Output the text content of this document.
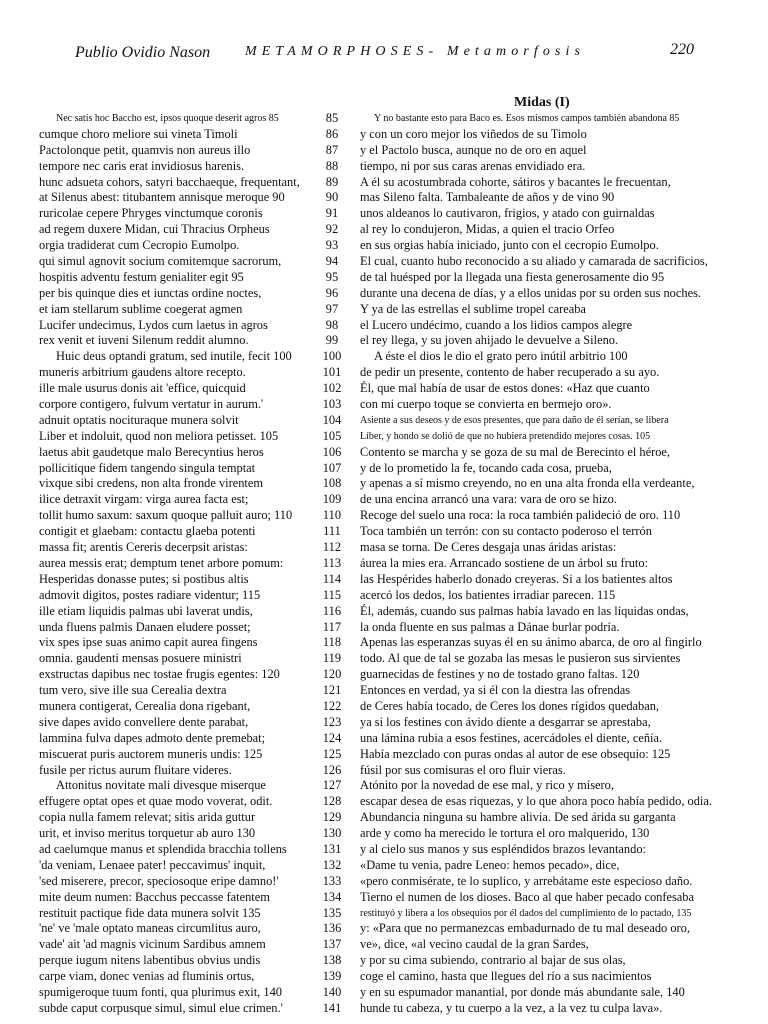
Publio Ovidio Nason METAMORPHOSES- Metamorfosis	220
Midas (I)
Nec satis hoc Baccho est, ipsos quoque deserit agros 85	85	Y no bastante esto para Baco es. Esos mismos campos también abandona 85
cumque choro meliore sui vineta Timoli	86	y con un coro mejor los viñedos de su Timolo
Pactolonque petit, quamvis non aureus illo	87	y el Pactolo busca, aunque no de oro en aquel
tempore nec caris erat invidiosus harenis.	88	tiempo, ni por sus caras arenas envidiado era.
hunc adsueta cohors, satyri bacchaeque, frequentant,	89	A él su acostumbrada cohorte, sátiros y bacantes le frecuentan,
at Silenus abest: titubantem annisque meroque 90	90	mas Sileno falta. Tambaleante de años y de vino 90
ruricolae cepere Phryges vinctumque coronis	91	unos aldeanos lo cautivaron, frigios, y atado con guirnaldas
ad regem duxere Midan, cui Thracius Orpheus	92	al rey lo condujeron, Midas, a quien el tracio Orfeo
orgia tradiderat cum Cecropio Eumolpo.	93	en sus orgias había iniciado, junto con el cecropio Eumolpo.
qui simul agnovit socium comitemque sacrorum,	94	El cual, cuanto hubo reconocido a su aliado y camarada de sacrificios,
hospitis adventu festum genialiter egit 95	95	de tal huésped por la llegada una fiesta generosamente dio 95
per bis quinque dies et iunctas ordine noctes,	96	durante una decena de días, y a ellos unidas por su orden sus noches.
et iam stellarum sublime coegerat agmen	97	Y ya de las estrellas el sublime tropel careaba
Lucifer undecimus, Lydos cum laetus in agros	98	el Lucero undécimo, cuando a los lidios campos alegre
rex venit et iuveni Silenum reddit alumno.	99	el rey llega, y su joven ahijado le devuelve a Sileno.
Huic deus optandi gratum, sed inutile, fecit 100	100	A éste el dios le dio el grato pero inútil arbitrio 100
muneris arbitrium gaudens altore recepto.	101	de pedir un presente, contento de haber recuperado a su ayo.
ille male usurus donis ait 'effice, quicquid	102	Él, que mal había de usar de estos dones: «Haz que cuanto
corpore contigero, fulvum vertatur in aurum.'	103	con mi cuerpo toque se convierta en bermejo oro».
adnuit optatis nociturаque munera solvit	104	Asiente a sus deseos y de esos presentes, que para daño de él serían, se libera
Liber et indoluit, quod non meliora petisset. 105	105	Líber, y hondo se dolió de que no hubiera pretendido mejores cosas. 105
laetus abit gaudetque malo Berecyntius heros	106	Contento se marcha y se goza de su mal de Berecinto el héroe,
pollicitique fidem tangendo singula temptat	107	y de lo prometido la fe, tocando cada cosa, prueba,
vixque sibi credens, non alta fronde virentem	108	y apenas a sí mismo creyendo, no en una alta fronda ella verdeante,
ilice detraxit virgam: virga aurea facta est;	109	de una encina arrancó una vara: vara de oro se hizo.
tollit humo saxum: saxum quoque palluit auro; 110	110	Recoge del suelo una roca: la roca también palideció de oro. 110
contigit et glaebam: contactu glaeba potenti	111	Toca también un terrón: con su contacto poderoso el terrón
massa fit; arentis Cereris decerpsit aristas:	112	masa se torna. De Ceres desgaja unas áridas aristas:
aurea messis erat; demptum tenet arbore pomum:	113	áurea la mies era. Arrancado sostiene de un árbol su fruto:
Hesperidas donasse putes; si postibus altis	114	las Hespérides haberlo donado creyeras. Si a los batientes altos
admovit digitos, postes radiare videntur; 115	115	acercó los dedos, los batientes irradiar parecen. 115
ille etiam liquidis palmas ubi laverat undis,	116	Él, además, cuando sus palmas había lavado en las líquidas ondas,
unda fluens palmis Danaen eludere posset;	117	la onda fluente en sus palmas a Dánae burlar podría.
vix spes ipse suas animo capit aurea fingens	118	Apenas las esperanzas suyas él en su ánimo abarca, de oro al fingirlo
omnia. gaudenti mensas posuere ministri	119	todo. Al que de tal se gozaba las mesas le pusieron sus sirvientes
exstructas dapibus nec tostae frugis egentes: 120	120	guarnecidas de festines y no de tostado grano faltas. 120
tum vero, sive ille sua Cerealia dextra	121	Entonces en verdad, ya si él con la diestra las ofrendas
munera contigerat, Cerealia dona rigebant,	122	de Ceres había tocado, de Ceres los dones rígidos quedaban,
sive dapes avido convellere dente parabat,	123	ya si los festines con ávido diente a desgarrar se aprestaba,
lammina fulva dapes admoto dente premebat;	124	una lámina rubia a esos festines, acercádoles el diente, ceñía.
miscuerat puris auctorem muneris undis: 125	125	Había mezclado con puras ondas al autor de ese obsequio: 125
fusile per rictus aurum fluitare videres.	126	fúsil por sus comisuras el oro fluir vieras.
Attonitus novitate mali divesque miserque	127	Atónito por la novedad de ese mal, y rico y mísero,
effugere optat opes et quae modo voverat, odit.	128	escapar desea de esas riquezas, y lo que ahora poco había pedido, odia.
copia nulla famem relevat; sitis arida guttur	129	Abundancia ninguna su hambre alivia. De sed árida su garganta
urit, et inviso meritus torquetur ab auro 130	130	arde y como ha merecido le tortura el oro malquerido, 130
ad caelumque manus et splendida bracchia tollens	131	y al cielo sus manos y sus espléndidos brazos levantando:
'da veniam, Lenaee pater! peccavimus' inquit,	132	«Dame tu venia, padre Leneo: hemos pecado», dice,
'sed miserere, precor, speciosoque eripe damno!'	133	«pero conmisérate, te lo suplico, y arrebátame este especioso daño.
mite deum numen: Bacchus peccasse fatentem	134	Tierno el numen de los dioses. Baco al que haber pecado confesaba
restituit pactique fide data munera solvit 135	135	restituyó y libera a los obsequios por él dados del cumplimiento de lo pactado, 135
'ne' ve 'male optato maneas circumlitus auro,	136	y: «Para que no permanezcas embadurnado de tu mal deseado oro,
vade' ait 'ad magnis vicinum Sardibus amnem	137	ve», dice, «al vecino caudal de la gran Sardes,
perque iugum nitens labentibus obvius undis	138	y por su cima subiendo, contrario al bajar de sus olas,
carpe viam, donec venias ad fluminis ortus,	139	coge el camino, hasta que llegues del río a sus nacimientos
spumigeroque tuum fonti, qua plurimus exit, 140	140	y en su espumador manantial, por donde más abundante sale, 140
subde caput corpusque simul, simul elue crimen.'	141	hunde tu cabeza, y tu cuerpo a la vez, a la vez tu culpa lava».
